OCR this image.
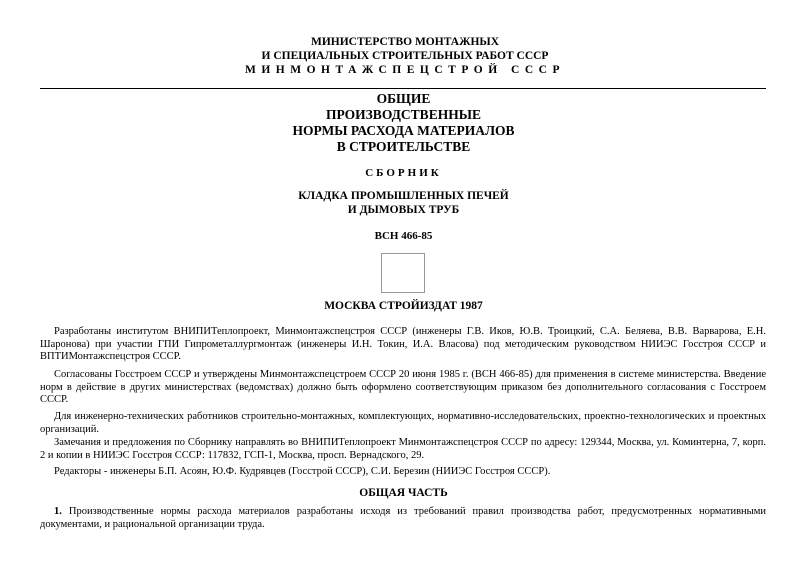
МИНИСТЕРСТВО МОНТАЖНЫХ
И СПЕЦИАЛЬНЫХ СТРОИТЕЛЬНЫХ РАБОТ СССР
МИНМОНТАЖСПЕЦСТРОЙ СССР
ОБЩИЕ
ПРОИЗВОДСТВЕННЫЕ
НОРМЫ РАСХОДА МАТЕРИАЛОВ
В СТРОИТЕЛЬСТВЕ
СБОРНИК
КЛАДКА ПРОМЫШЛЕННЫХ ПЕЧЕЙ
И ДЫМОВЫХ ТРУБ
ВСН 466-85
МОСКВА СТРОЙИЗДАТ 1987
Разработаны институтом ВНИПИТеплопроект, Минмонтажспецстроя СССР (инженеры Г.В. Иков, Ю.В. Троицкий, С.А. Беляева, В.В. Варварова, Е.Н. Шаронова) при участии ГПИ Гипрометаллургмонтаж (инженеры И.Н. Токин, И.А. Власова) под методическим руководством НИИЭС Госстроя СССР и ВПТИМонтажспецстроя СССР.
Согласованы Госстроем СССР и утверждены Минмонтажспецстроем СССР 20 июня 1985 г. (ВСН 466-85) для применения в системе министерства. Введение норм в действие в других министерствах (ведомствах) должно быть оформлено соответствующим приказом без дополнительного согласования с Госстроем СССР.
Для инженерно-технических работников строительно-монтажных, комплектующих, нормативно-исследовательских, проектно-технологических и проектных организаций.
Замечания и предложения по Сборнику направлять во ВНИПИТеплопроект Минмонтажспецстроя СССР по адресу: 129344, Москва, ул. Коминтерна, 7, корп. 2 и копии в НИИЭС Госстроя СССР: 117832, ГСП-1, Москва, просп. Вернадского, 29.
Редакторы - инженеры Б.П. Асоян, Ю.Ф. Кудрявцев (Госстрой СССР), С.И. Березин (НИИЭС Госстроя СССР).
ОБЩАЯ ЧАСТЬ
1. Производственные нормы расхода материалов разработаны исходя из требований правил производства работ, предусмотренных нормативными документами, и рациональной организации труда.
